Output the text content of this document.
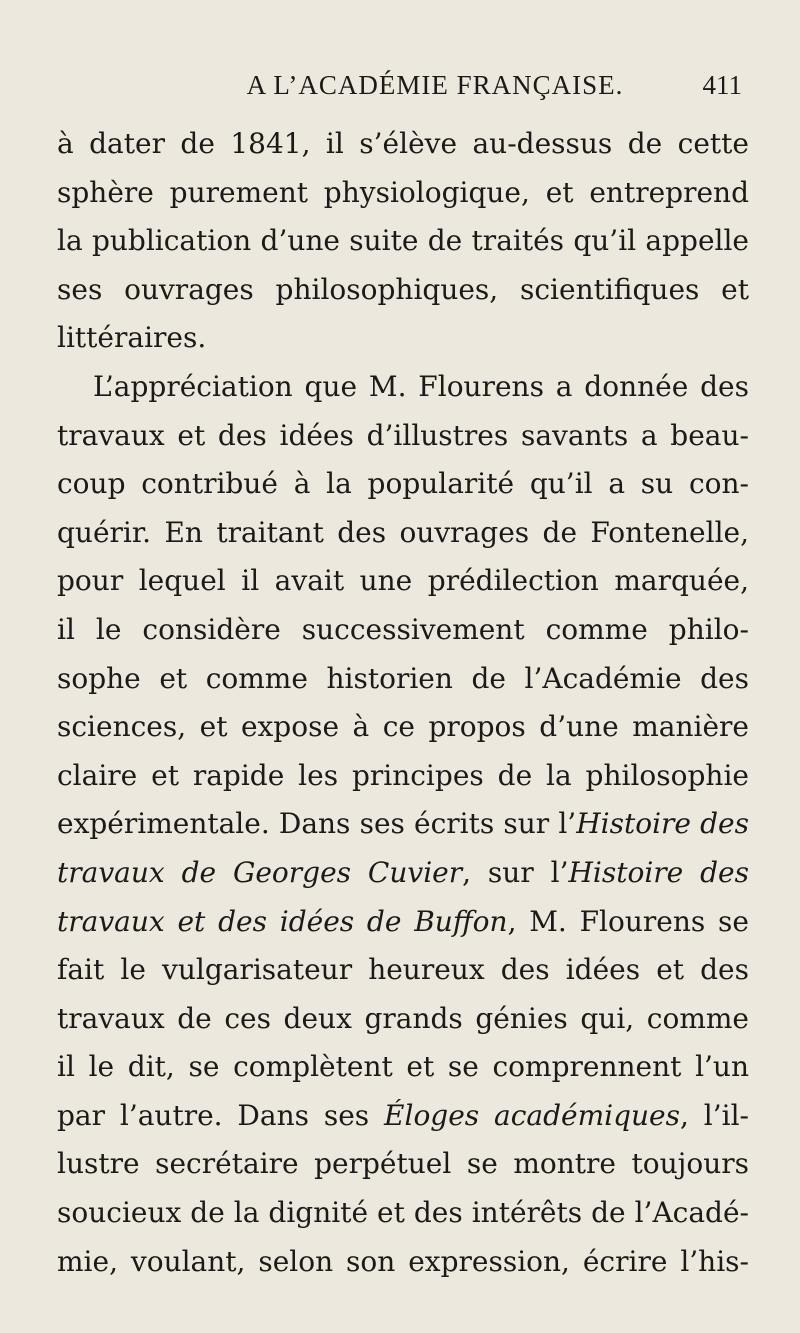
A L’ACADÉMIE FRANÇAISE.	411
à dater de 1841, il s’élève au-dessus de cette
sphère purement physiologique, et entreprend
la publication d’une suite de traités qu’il appelle
ses ouvrages philosophiques, scientifiques et
littéraires.
L’appréciation que M. Flourens a donnée des
travaux et des idées d’illustres savants a beau-
coup contribué à la popularité qu’il a su con-
quérir. En traitant des ouvrages de Fontenelle,
pour lequel il avait une prédilection marquée,
il le considère successivement comme philo-
sophe et comme historien de l’Académie des
sciences, et expose à ce propos d’une manière
claire et rapide les principes de la philosophie
expérimentale. Dans ses écrits sur l’Histoire des
travaux de Georges Cuvier, sur l’Histoire des
travaux et des idées de Buffon, M. Flourens se
fait le vulgarisateur heureux des idées et des
travaux de ces deux grands génies qui, comme
il le dit, se complètent et se comprennent l’un
par l’autre. Dans ses Éloges académiques, l’il-
lustre secrétaire perpétuel se montre toujours
soucieux de la dignité et des intérêts de l’Acadé-
mie, voulant, selon son expression, écrire l’his-
